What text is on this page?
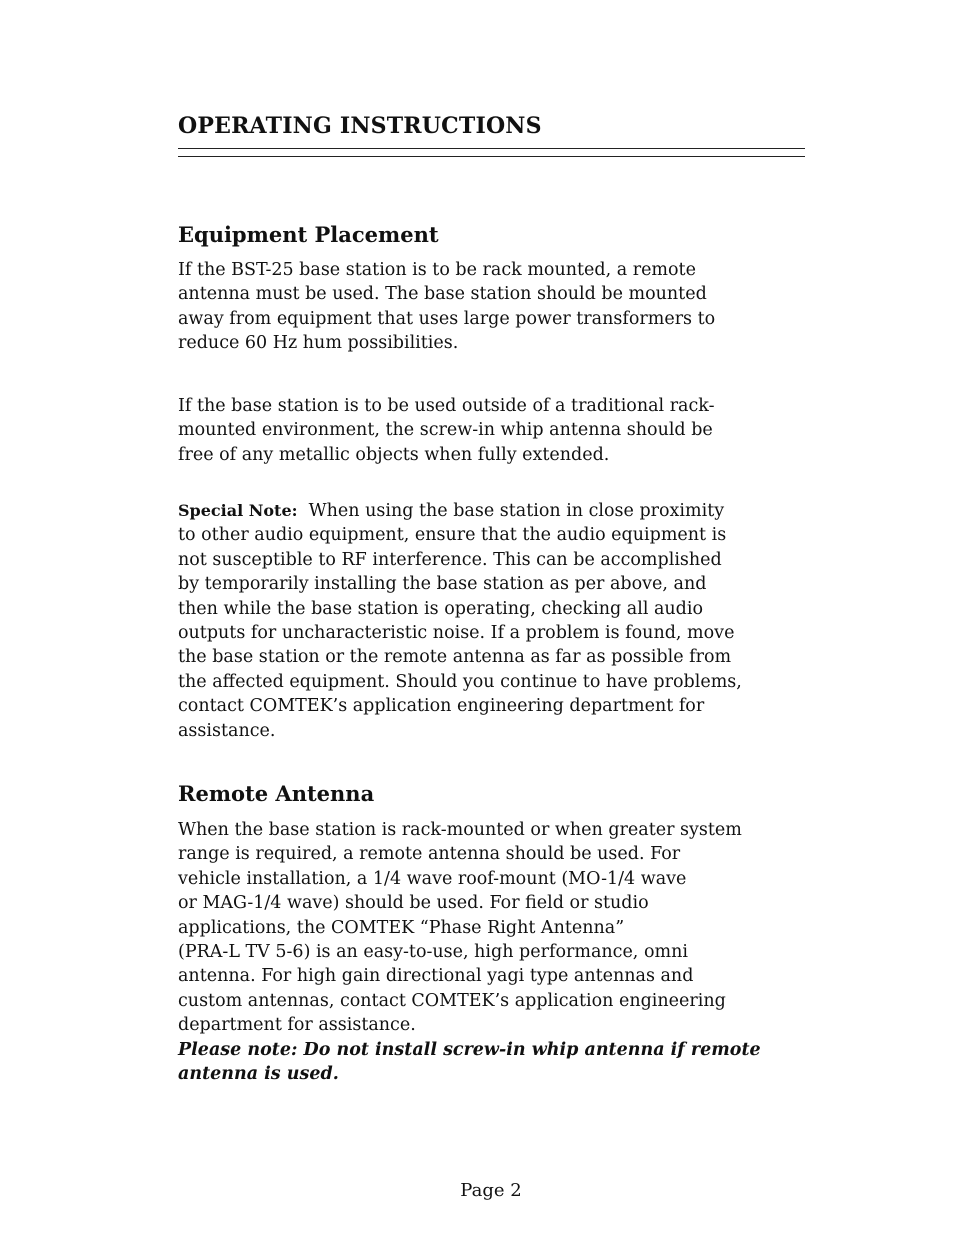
OPERATING INSTRUCTIONS
Equipment Placement

If the BST-25 base station is to be rack mounted, a remote
antenna must be used. The base station should be mounted
away from equipment that uses large power transformers to
reduce 60 Hz hum possibilities.

If the base station is to be used outside of a traditional rack-
mounted environment, the screw-in whip antenna should be
free of any metallic objects when fully extended.

Special Note:  When using the base station in close proximity
to other audio equipment, ensure that the audio equipment is
not susceptible to RF interference. This can be accomplished
by temporarily installing the base station as per above, and
then while the base station is operating, checking all audio
outputs for uncharacteristic noise. If a problem is found, move
the base station or the remote antenna as far as possible from
the affected equipment. Should you continue to have problems,
contact COMTEK’s application engineering department for
assistance.

Remote Antenna

When the base station is rack-mounted or when greater system
range is required, a remote antenna should be used. For
vehicle installation, a 1/4 wave roof-mount (MO-1/4 wave
or MAG-1/4 wave) should be used. For field or studio
applications, the COMTEK “Phase Right Antenna”
(PRA-L TV 5-6) is an easy-to-use, high performance, omni
antenna. For high gain directional yagi type antennas and
custom antennas, contact COMTEK’s application engineering
department for assistance.
Please note: Do not install screw-in whip antenna if remote
antenna is used.

Page 2
